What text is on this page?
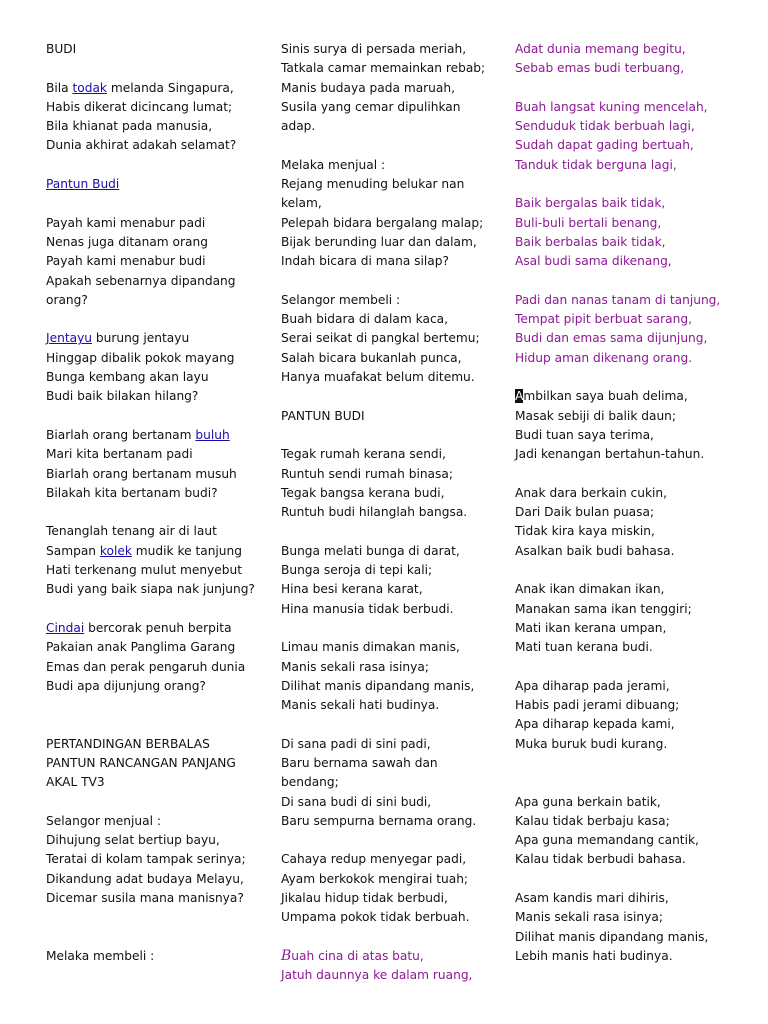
BUDI
Bila todak melanda Singapura,
Habis dikerat dicincang lumat;
Bila khianat pada manusia,
Dunia akhirat adakah selamat?
Pantun Budi
Payah kami menabur padi
Nenas juga ditanam orang
Payah kami menabur budi
Apakah sebenarnya dipandang
orang?
Jentayu burung jentayu
Hinggap dibalik pokok mayang
Bunga kembang akan layu
Budi baik bilakan hilang?
Biarlah orang bertanam buluh
Mari kita bertanam padi
Biarlah orang bertanam musuh
Bilakah kita bertanam budi?
Tenanglah tenang air di laut
Sampan kolek mudik ke tanjung
Hati terkenang mulut menyebut
Budi yang baik siapa nak junjung?
Cindai bercorak penuh berpita
Pakaian anak Panglima Garang
Emas dan perak pengaruh dunia
Budi apa dijunjung orang?
PERTANDINGAN BERBALAS
PANTUN RANCANGAN PANJANG
AKAL TV3
Selangor menjual :
Dihujung selat bertiup bayu,
Teratai di kolam tampak serinya;
Dikandung adat budaya Melayu,
Dicemar susila mana manisnya?
Melaka membeli :
Sinis surya di persada meriah,
Tatkala camar memainkan rebab;
Manis budaya pada maruah,
Susila yang cemar dipulihkan
adap.
Melaka menjual :
Rejang menuding belukar nan
kelam,
Pelepah bidara bergalang malap;
Bijak berunding luar dan dalam,
Indah bicara di mana silap?
Selangor membeli :
Buah bidara di dalam kaca,
Serai seikat di pangkal bertemu;
Salah bicara bukanlah punca,
Hanya muafakat belum ditemu.
PANTUN BUDI
Tegak rumah kerana sendi,
Runtuh sendi rumah binasa;
Tegak bangsa kerana budi,
Runtuh budi hilanglah bangsa.
Bunga melati bunga di darat,
Bunga seroja di tepi kali;
Hina besi kerana karat,
Hina manusia tidak berbudi.
Limau manis dimakan manis,
Manis sekali rasa isinya;
Dilihat manis dipandang manis,
Manis sekali hati budinya.
Di sana padi di sini padi,
Baru bernama sawah dan
bendang;
Di sana budi di sini budi,
Baru sempurna bernama orang.
Cahaya redup menyegar padi,
Ayam berkokok mengirai tuah;
Jikalau hidup tidak berbudi,
Umpama pokok tidak berbuah.
Buah cina di atas batu,
Jatuh daunnya ke dalam ruang,
Adat dunia memang begitu,
Sebab emas budi terbuang,
Buah langsat kuning mencelah,
Senduduk tidak berbuah lagi,
Sudah dapat gading bertuah,
Tanduk tidak berguna lagi,
Baik bergalas baik tidak,
Buli-buli bertali benang,
Baik berbalas baik tidak,
Asal budi sama dikenang,
Padi dan nanas tanam di tanjung,
Tempat pipit berbuat sarang,
Budi dan emas sama dijunjung,
Hidup aman dikenang orang.
Ambilkan saya buah delima,
Masak sebiji di balik daun;
Budi tuan saya terima,
Jadi kenangan bertahun-tahun.
Anak dara berkain cukin,
Dari Daik bulan puasa;
Tidak kira kaya miskin,
Asalkan baik budi bahasa.
Anak ikan dimakan ikan,
Manakan sama ikan tenggiri;
Mati ikan kerana umpan,
Mati tuan kerana budi.
Apa diharap pada jerami,
Habis padi jerami dibuang;
Apa diharap kepada kami,
Muka buruk budi kurang.
Apa guna berkain batik,
Kalau tidak berbaju kasa;
Apa guna memandang cantik,
Kalau tidak berbudi bahasa.
Asam kandis mari dihiris,
Manis sekali rasa isinya;
Dilihat manis dipandang manis,
Lebih manis hati budinya.
